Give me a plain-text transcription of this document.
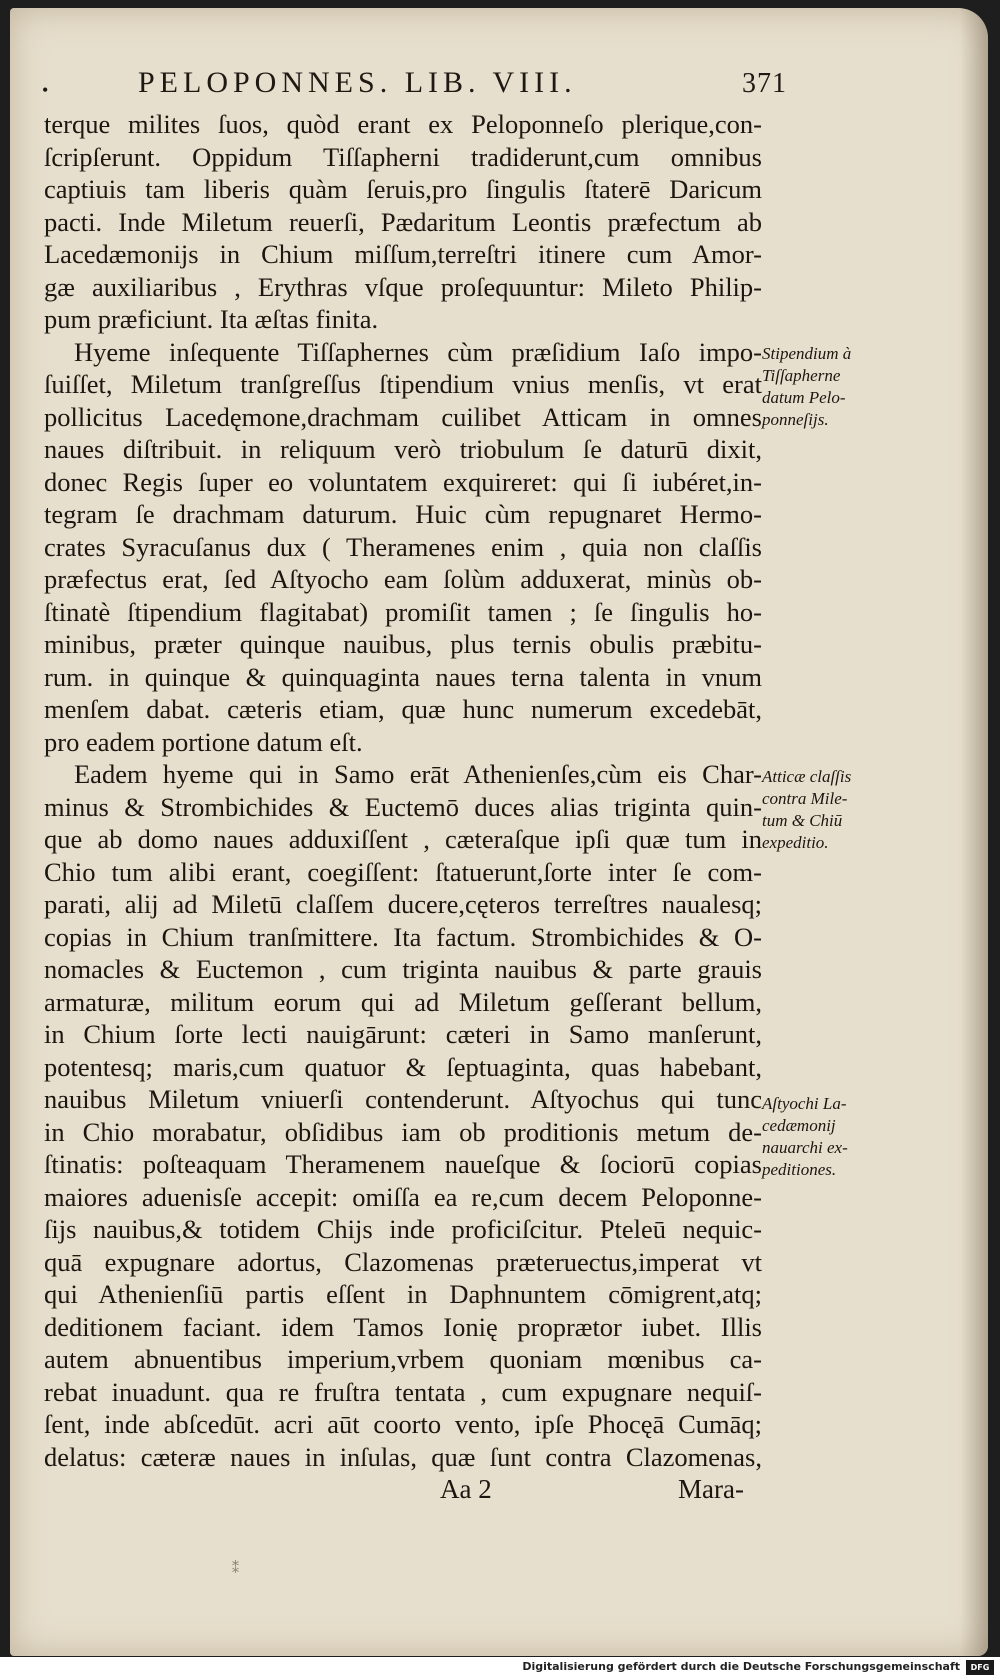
•	PELOPONNES. LIB. VIII.	371
terque milites ſuos, quòd erant ex Peloponneſo plerique,con-
ſcripſerunt. Oppidum Tiſſapherni tradiderunt,cum omnibus
captiuis tam liberis quàm ſeruis,pro ſingulis ſtaterē Daricum
pacti. Inde Miletum reuerſi, Pædaritum Leontis præfectum ab
Lacedæmonijs in Chium miſſum,terreſtri itinere cum Amor-
gæ auxiliaribus , Erythras vſque proſequuntur: Mileto Philip-
pum præficiunt. Ita æſtas finita.
Hyeme inſequente Tiſſaphernes cùm præſidium Iaſo impo-
ſuiſſet, Miletum tranſgreſſus ſtipendium vnius menſis, vt erat
pollicitus Lacedęmone,drachmam cuilibet Atticam in omnes
naues diſtribuit. in reliquum verò triobulum ſe daturū dixit,
donec Regis ſuper eo voluntatem exquireret: qui ſi iubéret,in-
tegram ſe drachmam daturum. Huic cùm repugnaret Hermo-
crates Syracuſanus dux ( Theramenes enim , quia non claſſis
præfectus erat, ſed Aſtyocho eam ſolùm adduxerat, minùs ob-
ſtinatè ſtipendium flagitabat) promiſit tamen ; ſe ſingulis ho-
minibus, præter quinque nauibus, plus ternis obulis præbitu-
rum. in quinque & quinquaginta naues terna talenta in vnum
menſem dabat. cæteris etiam, quæ hunc numerum excedebāt,
pro eadem portione datum eſt.
Eadem hyeme qui in Samo erāt Athenienſes,cùm eis Char-
minus & Strombichides & Euctemō duces alias triginta quin-
que ab domo naues adduxiſſent , cæteraſque ipſi quæ tum in
Chio tum alibi erant, coegiſſent: ſtatuerunt,ſorte inter ſe com-
parati, alij ad Miletū claſſem ducere,cęteros terreſtres naualesq;
copias in Chium tranſmittere. Ita factum. Strombichides & O-
nomacles & Euctemon , cum triginta nauibus & parte grauis
armaturæ, militum eorum qui ad Miletum geſſerant bellum,
in Chium ſorte lecti nauigārunt: cæteri in Samo manſerunt,
potentesq; maris,cum quatuor & ſeptuaginta, quas habebant,
nauibus Miletum vniuerſi contenderunt. Aſtyochus qui tunc
in Chio morabatur, obſidibus iam ob proditionis metum de-
ſtinatis: poſteaquam Theramenem naueſque & ſociorū copias
maiores aduenisſe accepit: omiſſa ea re,cum decem Peloponne-
ſijs nauibus,& totidem Chijs inde proficiſcitur. Pteleū nequic-
quā expugnare adortus, Clazomenas præteruectus,imperat vt
qui Athenienſiū partis eſſent in Daphnuntem cōmigrent,atq;
deditionem faciant. idem Tamos Ionię proprætor iubet. Illis
autem abnuentibus imperium,vrbem quoniam mœnibus ca-
rebat inuadunt. qua re fruſtra tentata , cum expugnare nequiſ-
ſent, inde abſcedūt. acri aūt coorto vento, ipſe Phocęā Cumāq;
delatus: cæteræ naues in inſulas, quæ ſunt contra Clazomenas,
Stipendium à
Tiſſapherne
datum Pelo-
ponneſijs.
Atticæ claſſis
contra Mile-
tum & Chiū
expeditio.
Aſtyochi La-
cedæmonij
nauarchi ex-
peditiones.
Aa 2	Mara-
⁑
Digitalisierung gefördert durch die Deutsche Forschungsgemeinschaft	DFG
